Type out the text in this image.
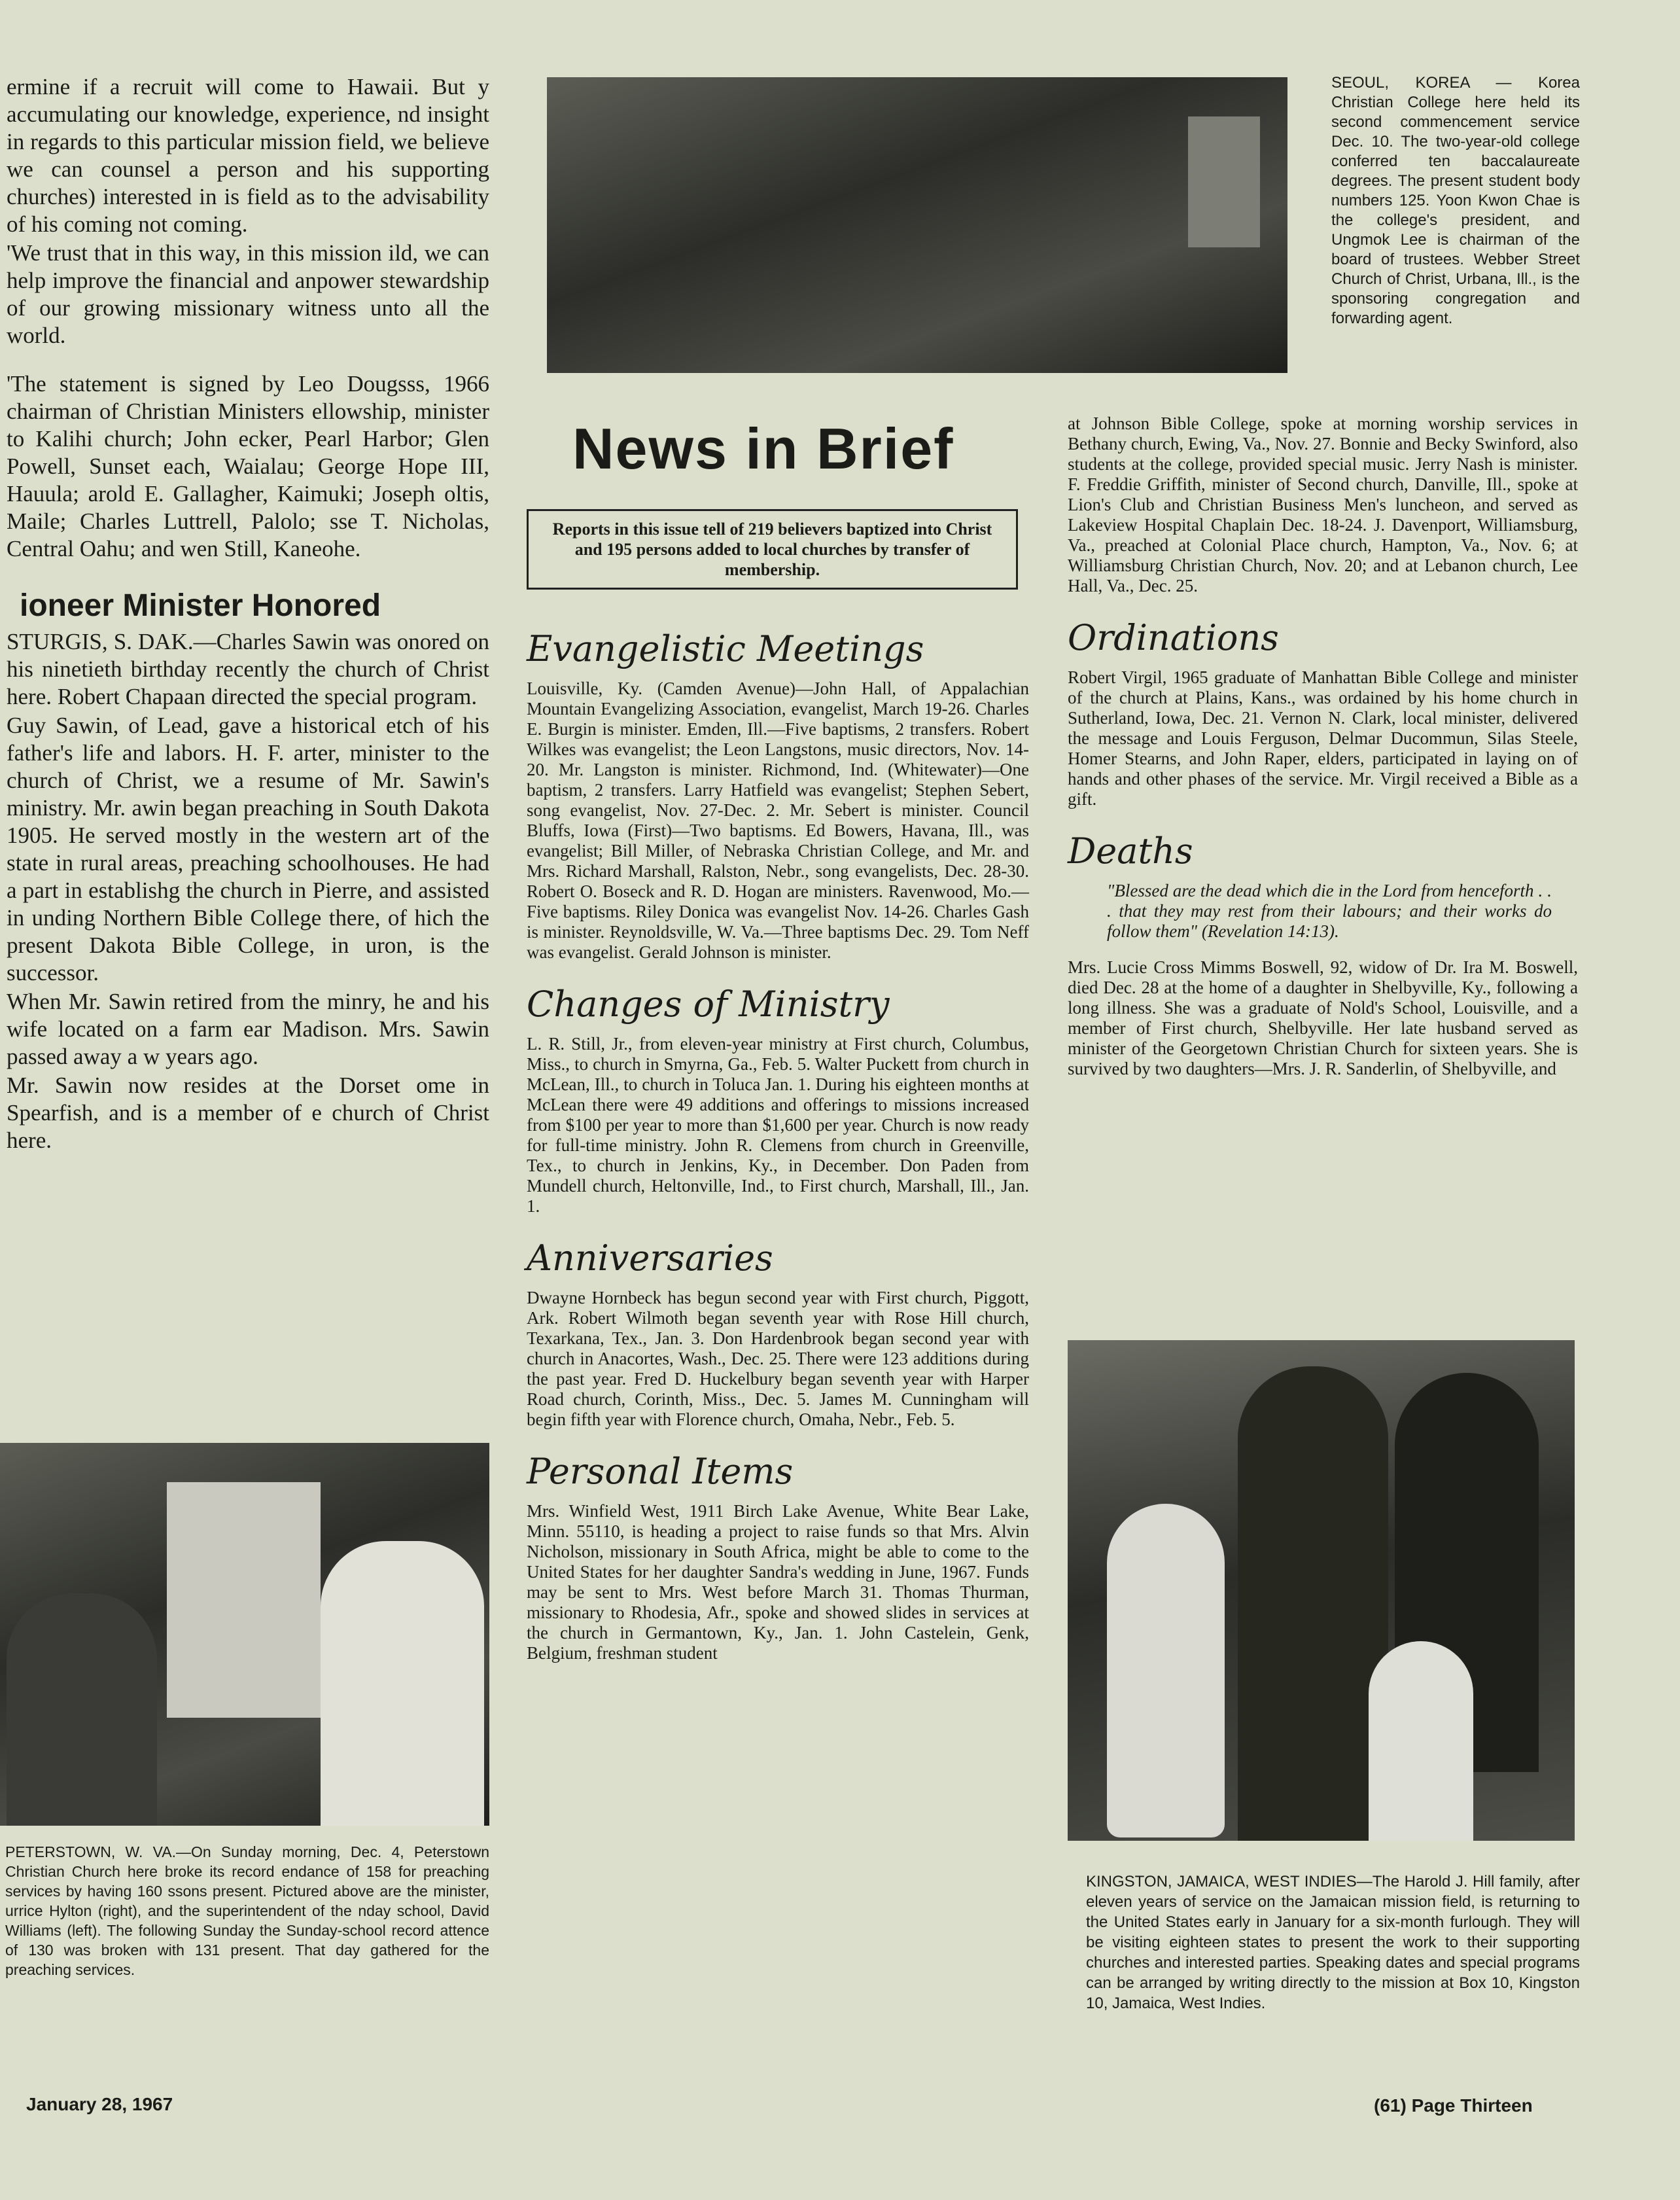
ermine if a recruit will come to Hawaii. But y accumulating our knowledge, experience, nd insight in regards to this particular mission field, we believe we can counsel a person and his supporting churches) interested in is field as to the advisability of his coming not coming.

'We trust that in this way, in this mission ild, we can help improve the financial and anpower stewardship of our growing missionary witness unto all the world.

'The statement is signed by Leo Dougsss, 1966 chairman of Christian Ministers ellowship, minister to Kalihi church; John ecker, Pearl Harbor; Glen Powell, Sunset each, Waialau; George Hope III, Hauula; arold E. Gallagher, Kaimuki; Joseph oltis, Maile; Charles Luttrell, Palolo; sse T. Nicholas, Central Oahu; and wen Still, Kaneohe.

ioneer Minister Honored

STURGIS, S. DAK.—Charles Sawin was onored on his ninetieth birthday recently the church of Christ here. Robert Chapaan directed the special program.

Guy Sawin, of Lead, gave a historical etch of his father's life and labors. H. F. arter, minister to the church of Christ, we a resume of Mr. Sawin's ministry. Mr. awin began preaching in South Dakota 1905. He served mostly in the western art of the state in rural areas, preaching schoolhouses. He had a part in establishg the church in Pierre, and assisted in unding Northern Bible College there, of hich the present Dakota Bible College, in uron, is the successor.

When Mr. Sawin retired from the minry, he and his wife located on a farm ear Madison. Mrs. Sawin passed away a w years ago.

Mr. Sawin now resides at the Dorset ome in Spearfish, and is a member of e church of Christ here.

PETERSTOWN, W. VA.—On Sunday morning, Dec. 4, Peterstown Christian Church here broke its record endance of 158 for preaching services by having 160 ssons present. Pictured above are the minister, urrice Hylton (right), and the superintendent of the nday school, David Williams (left). The following Sunday the Sunday-school record attence of 130 was broken with 131 present. That day gathered for the preaching services.
SEOUL, KOREA — Korea Christian College here held its second commencement service Dec. 10. The two-year-old college conferred ten baccalaureate degrees. The present student body numbers 125. Yoon Kwon Chae is the college's president, and Ungmok Lee is chairman of the board of trustees. Webber Street Church of Christ, Urbana, Ill., is the sponsoring congregation and forwarding agent.
News in Brief
Reports in this issue tell of 219 believers baptized into Christ and 195 persons added to local churches by transfer of membership.
Evangelistic Meetings

Louisville, Ky. (Camden Avenue)—John Hall, of Appalachian Mountain Evangelizing Association, evangelist, March 19-26. Charles E. Burgin is minister. Emden, Ill.—Five baptisms, 2 transfers. Robert Wilkes was evangelist; the Leon Langstons, music directors, Nov. 14-20. Mr. Langston is minister. Richmond, Ind. (Whitewater)—One baptism, 2 transfers. Larry Hatfield was evangelist; Stephen Sebert, song evangelist, Nov. 27-Dec. 2. Mr. Sebert is minister. Council Bluffs, Iowa (First)—Two baptisms. Ed Bowers, Havana, Ill., was evangelist; Bill Miller, of Nebraska Christian College, and Mr. and Mrs. Richard Marshall, Ralston, Nebr., song evangelists, Dec. 28-30. Robert O. Boseck and R. D. Hogan are ministers. Ravenwood, Mo.—Five baptisms. Riley Donica was evangelist Nov. 14-26. Charles Gash is minister. Reynoldsville, W. Va.—Three baptisms Dec. 29. Tom Neff was evangelist. Gerald Johnson is minister.

Changes of Ministry

L. R. Still, Jr., from eleven-year ministry at First church, Columbus, Miss., to church in Smyrna, Ga., Feb. 5. Walter Puckett from church in McLean, Ill., to church in Toluca Jan. 1. During his eighteen months at McLean there were 49 additions and offerings to missions increased from $100 per year to more than $1,600 per year. Church is now ready for full-time ministry. John R. Clemens from church in Greenville, Tex., to church in Jenkins, Ky., in December. Don Paden from Mundell church, Heltonville, Ind., to First church, Marshall, Ill., Jan. 1.

Anniversaries

Dwayne Hornbeck has begun second year with First church, Piggott, Ark. Robert Wilmoth began seventh year with Rose Hill church, Texarkana, Tex., Jan. 3. Don Hardenbrook began second year with church in Anacortes, Wash., Dec. 25. There were 123 additions during the past year. Fred D. Huckelbury began seventh year with Harper Road church, Corinth, Miss., Dec. 5. James M. Cunningham will begin fifth year with Florence church, Omaha, Nebr., Feb. 5.

Personal Items

Mrs. Winfield West, 1911 Birch Lake Avenue, White Bear Lake, Minn. 55110, is heading a project to raise funds so that Mrs. Alvin Nicholson, missionary in South Africa, might be able to come to the United States for her daughter Sandra's wedding in June, 1967. Funds may be sent to Mrs. West before March 31. Thomas Thurman, missionary to Rhodesia, Afr., spoke and showed slides in services at the church in Germantown, Ky., Jan. 1. John Castelein, Genk, Belgium, freshman student

at Johnson Bible College, spoke at morning worship services in Bethany church, Ewing, Va., Nov. 27. Bonnie and Becky Swinford, also students at the college, provided special music. Jerry Nash is minister. F. Freddie Griffith, minister of Second church, Danville, Ill., spoke at Lion's Club and Christian Business Men's luncheon, and served as Lakeview Hospital Chaplain Dec. 18-24. J. Davenport, Williamsburg, Va., preached at Colonial Place church, Hampton, Va., Nov. 6; at Williamsburg Christian Church, Nov. 20; and at Lebanon church, Lee Hall, Va., Dec. 25.

Ordinations

Robert Virgil, 1965 graduate of Manhattan Bible College and minister of the church at Plains, Kans., was ordained by his home church in Sutherland, Iowa, Dec. 21. Vernon N. Clark, local minister, delivered the message and Louis Ferguson, Delmar Ducommun, Silas Steele, Homer Stearns, and John Raper, elders, participated in laying on of hands and other phases of the service. Mr. Virgil received a Bible as a gift.

Deaths

"Blessed are the dead which die in the Lord from henceforth . . . that they may rest from their labours; and their works do follow them" (Revelation 14:13).

Mrs. Lucie Cross Mimms Boswell, 92, widow of Dr. Ira M. Boswell, died Dec. 28 at the home of a daughter in Shelbyville, Ky., following a long illness. She was a graduate of Nold's School, Louisville, and a member of First church, Shelbyville. Her late husband served as minister of the Georgetown Christian Church for sixteen years. She is survived by two daughters—Mrs. J. R. Sanderlin, of Shelbyville, and

KINGSTON, JAMAICA, WEST INDIES—The Harold J. Hill family, after eleven years of service on the Jamaican mission field, is returning to the United States early in January for a six-month furlough. They will be visiting eighteen states to present the work to their supporting churches and interested parties. Speaking dates and special programs can be arranged by writing directly to the mission at Box 10, Kingston 10, Jamaica, West Indies.
January 28, 1967	(61) Page Thirteen
